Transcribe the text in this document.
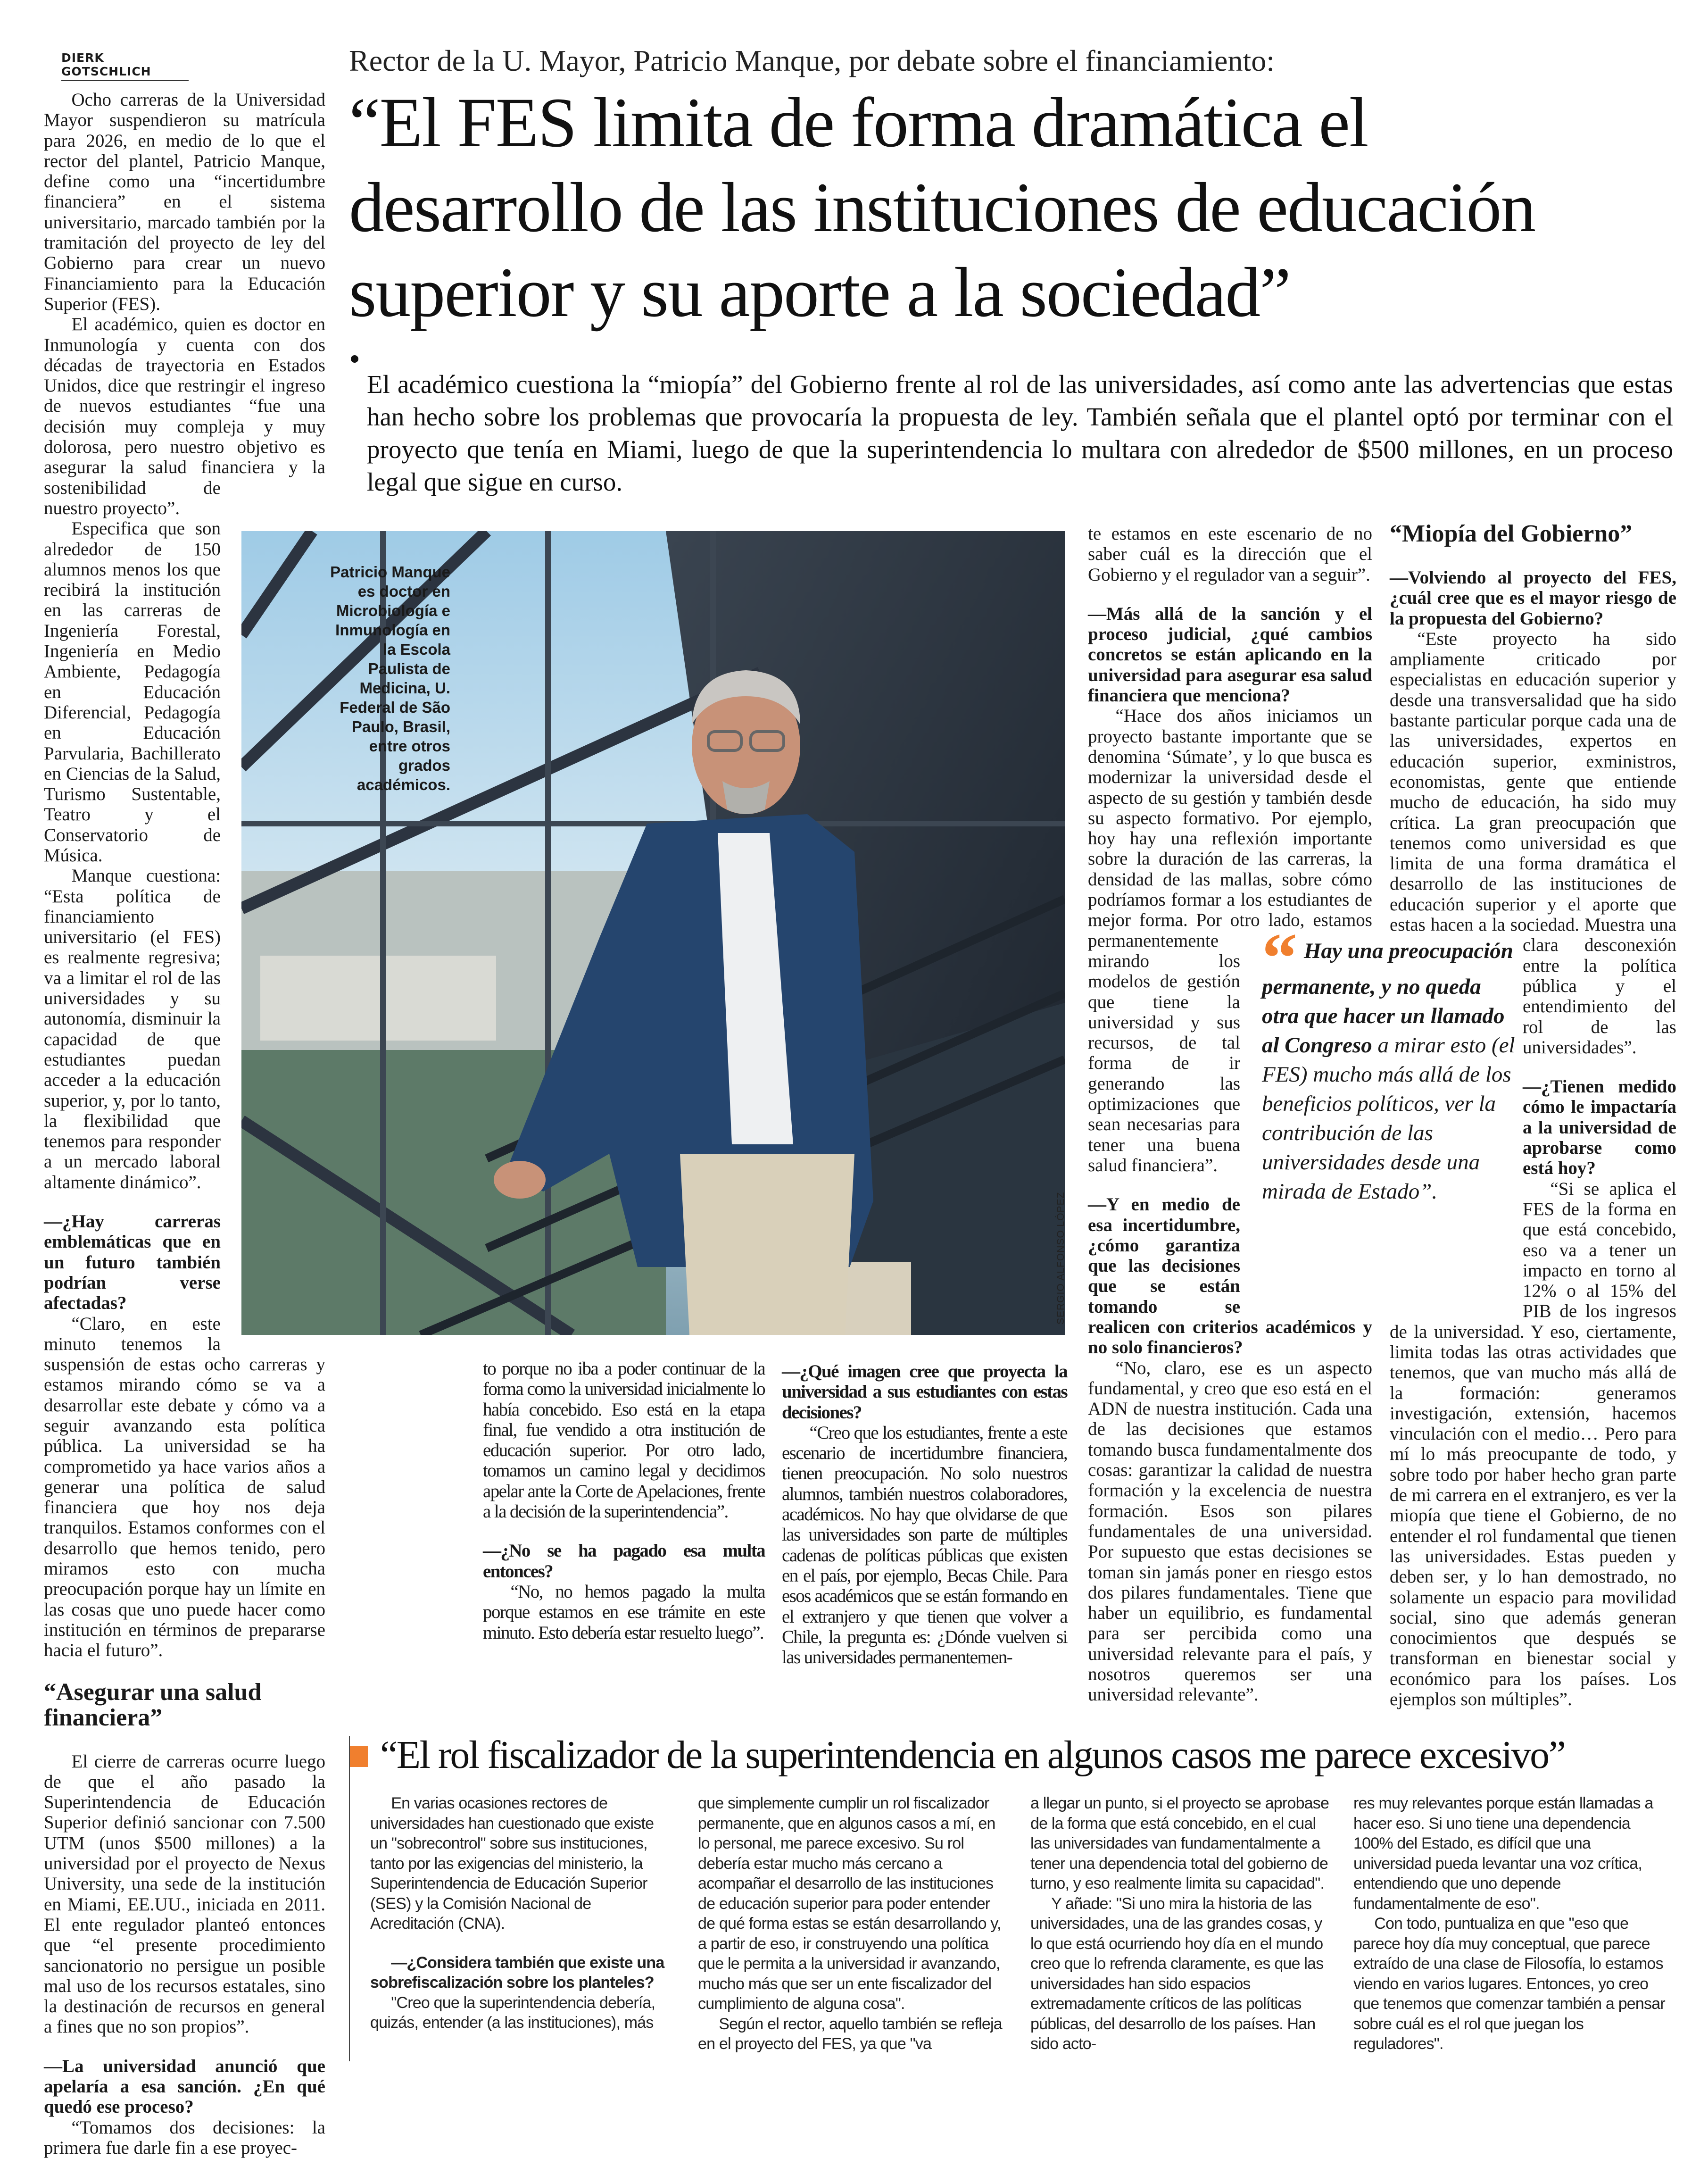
DIERK GOTSCHLICH	Rector de la U. Mayor, Patricio Manque, por debate sobre el financiamiento:
“El FES limita de forma dramática el
desarrollo de las instituciones de educación
superior y su aporte a la sociedad”
El académico cuestiona la “miopía” del Gobierno frente al rol de las universidades, así como ante las advertencias que estas han hecho sobre los problemas que provocaría la propuesta de ley. También señala que el plantel optó por terminar con el proyecto que tenía en Miami, luego de que la superintendencia lo multara con alrededor de $500 millones, en un proceso legal que sigue en curso.

Ocho carreras de la Universidad Mayor suspendieron su matrícula para 2026, en medio de lo que el rector del plantel, Patricio Manque, define como una “incertidumbre financiera” en el sistema universitario, marcado también por la tramitación del proyecto de ley del Gobierno para crear un nuevo Financiamiento para la Educación Superior (FES).

El académico, quien es doctor en Inmunología y cuenta con dos décadas de trayectoria en Estados Unidos, dice que restringir el ingreso de nuevos estudiantes “fue una decisión muy compleja y muy dolorosa, pero nuestro objetivo es asegurar la salud financiera y la sostenibilidad de nuestro proyecto”.

Especifica que son alrededor de 150 alumnos menos los que recibirá la institución en las carreras de Ingeniería Forestal, Ingeniería en Medio Ambiente, Pedagogía en Educación Diferencial, Pedagogía en Educación Parvularia, Bachillerato en Ciencias de la Salud, Turismo Sustentable, Teatro y el Conservatorio de Música.

Manque cuestiona: “Esta política de financiamiento universitario (el FES) es realmente regresiva; va a limitar el rol de las universidades y su autonomía, disminuir la capacidad de que estudiantes puedan acceder a la educación superior, y, por lo tanto, la flexibilidad que tenemos para responder a un mercado laboral altamente dinámico”.

—¿Hay carreras emblemáticas que en un futuro también podrían verse afectadas?

“Claro, en este minuto tenemos la suspensión de estas ocho carreras y estamos mirando cómo se va a desarrollar este debate y cómo va a seguir avanzando esta política pública. La universidad se ha comprometido ya hace varios años a generar una política de salud financiera que hoy nos deja tranquilos. Estamos conformes con el desarrollo que hemos tenido, pero miramos esto con mucha preocupación porque hay un límite en las cosas que uno puede hacer como institución en términos de prepararse hacia el futuro”.

“Asegurar una salud financiera”

El cierre de carreras ocurre luego de que el año pasado la Superintendencia de Educación Superior definió sancionar con 7.500 UTM (unos $500 millones) a la universidad por el proyecto de Nexus University, una sede de la institución en Miami, EE.UU., iniciada en 2011. El ente regulador planteó entonces que “el presente procedimiento sancionatorio no persigue un posible mal uso de los recursos estatales, sino la destinación de recursos en general a fines que no son propios”.

—La universidad anunció que apelaría a esa sanción. ¿En qué quedó ese proceso?

“Tomamos dos decisiones: la primera fue darle fin a ese proyec-

Patricio Manque es doctor en Microbiología e Inmunología en la Escola Paulista de Medicina, U. Federal de São Paulo, Brasil, entre otros grados académicos.
SERGIO ALFONSO LÓPEZ

to porque no iba a poder continuar de la forma como la universidad inicialmente lo había concebido. Eso está en la etapa final, fue vendido a otra institución de educación superior. Por otro lado, tomamos un camino legal y decidimos apelar ante la Corte de Apelaciones, frente a la decisión de la superintendencia”.

—¿No se ha pagado esa multa entonces?

“No, no hemos pagado la multa porque estamos en ese trámite en este minuto. Esto debería estar resuelto luego”.

—¿Qué imagen cree que proyecta la universidad a sus estudiantes con estas decisiones?

“Creo que los estudiantes, frente a este escenario de incertidumbre financiera, tienen preocupación. No solo nuestros alumnos, también nuestros colaboradores, académicos. No hay que olvidarse de que las universidades son parte de múltiples cadenas de políticas públicas que existen en el país, por ejemplo, Becas Chile. Para esos académicos que se están formando en el extranjero y que tienen que volver a Chile, la pregunta es: ¿Dónde vuelven si las universidades permanentemen-

te estamos en este escenario de no saber cuál es la dirección que el Gobierno y el regulador van a seguir”.

—Más allá de la sanción y el proceso judicial, ¿qué cambios concretos se están aplicando en la universidad para asegurar esa salud financiera que menciona?

“Hace dos años iniciamos un proyecto bastante importante que se denomina ‘Súmate’, y lo que busca es modernizar la universidad desde el aspecto de su gestión y también desde su aspecto formativo. Por ejemplo, hoy hay una reflexión importante sobre la duración de las carreras, la densidad de las mallas, sobre cómo podríamos formar a los estudiantes de mejor forma. Por otro lado, estamos permanentemente mirando los modelos de gestión que tiene la universidad y sus recursos, de tal forma de ir generando las optimizaciones que sean necesarias para tener una buena salud financiera”.

—Y en medio de esa incertidumbre, ¿cómo garantiza que las decisiones que se están tomando se realicen con criterios académicos y no solo financieros?

“No, claro, ese es un aspecto fundamental, y creo que eso está en el ADN de nuestra institución. Cada una de las decisiones que estamos tomando busca fundamentalmente dos cosas: garantizar la calidad de nuestra formación y la excelencia de nuestra formación. Esos son pilares fundamentales de una universidad. Por supuesto que estas decisiones se toman sin jamás poner en riesgo estos dos pilares fundamentales. Tiene que haber un equilibrio, es fundamental para ser percibida como una universidad relevante para el país, y nosotros queremos ser una universidad relevante”.

“Miopía del Gobierno”

—Volviendo al proyecto del FES, ¿cuál cree que es el mayor riesgo de la propuesta del Gobierno?

“Este proyecto ha sido ampliamente criticado por especialistas en educación superior y desde una transversalidad que ha sido bastante particular porque cada una de las universidades, expertos en educación superior, exministros, economistas, gente que entiende mucho de educación, ha sido muy crítica. La gran preocupación que tenemos como universidad es que limita de una forma dramática el desarrollo de las instituciones de educación superior y el aporte que estas hacen a la sociedad. Muestra una clara desconexión entre la política pública y el entendimiento del rol de las universidades”.

—¿Tienen medido cómo le impactaría a la universidad de aprobarse como está hoy?

“Si se aplica el FES de la forma en que está concebido, eso va a tener un impacto en torno al 12% o al 15% del PIB de los ingresos de la universidad. Y eso, ciertamente, limita todas las otras actividades que tenemos, que van mucho más allá de la formación: generamos investigación, extensión, hacemos vinculación con el medio… Pero para mí lo más preocupante de todo, y sobre todo por haber hecho gran parte de mi carrera en el extranjero, es ver la miopía que tiene el Gobierno, de no entender el rol fundamental que tienen las universidades. Estas pueden y deben ser, y lo han demostrado, no solamente un espacio para movilidad social, sino que además generan conocimientos que después se transforman en bienestar social y económico para los países. Los ejemplos son múltiples”.

“ Hay una preocupación permanente, y no queda otra que hacer un llamado al Congreso a mirar esto (el FES) mucho más allá de los beneficios políticos, ver la contribución de las universidades desde una mirada de Estado”.
“El rol fiscalizador de la superintendencia en algunos casos me parece excesivo”

En varias ocasiones rectores de universidades han cuestionado que existe un "sobrecontrol" sobre sus instituciones, tanto por las exigencias del ministerio, la Superintendencia de Educación Superior (SES) y la Comisión Nacional de Acreditación (CNA).

—¿Considera también que existe una sobrefiscalización sobre los planteles?

"Creo que la superintendencia debería, quizás, entender (a las instituciones), más

que simplemente cumplir un rol fiscalizador permanente, que en algunos casos a mí, en lo personal, me parece excesivo. Su rol debería estar mucho más cercano a acompañar el desarrollo de las instituciones de educación superior para poder entender de qué forma estas se están desarrollando y, a partir de eso, ir construyendo una política que le permita a la universidad ir avanzando, mucho más que ser un ente fiscalizador del cumplimiento de alguna cosa".

Según el rector, aquello también se refleja en el proyecto del FES, ya que "va

a llegar un punto, si el proyecto se aprobase de la forma que está concebido, en el cual las universidades van fundamentalmente a tener una dependencia total del gobierno de turno, y eso realmente limita su capacidad".

Y añade: "Si uno mira la historia de las universidades, una de las grandes cosas, y lo que está ocurriendo hoy día en el mundo creo que lo refrenda claramente, es que las universidades han sido espacios extremadamente críticos de las políticas públicas, del desarrollo de los países. Han sido acto-

res muy relevantes porque están llamadas a hacer eso. Si uno tiene una dependencia 100% del Estado, es difícil que una universidad pueda levantar una voz crítica, entendiendo que uno depende fundamentalmente de eso".

Con todo, puntualiza en que "eso que parece hoy día muy conceptual, que parece extraído de una clase de Filosofía, lo estamos viendo en varios lugares. Entonces, yo creo que tenemos que comenzar también a pensar sobre cuál es el rol que juegan los reguladores".
